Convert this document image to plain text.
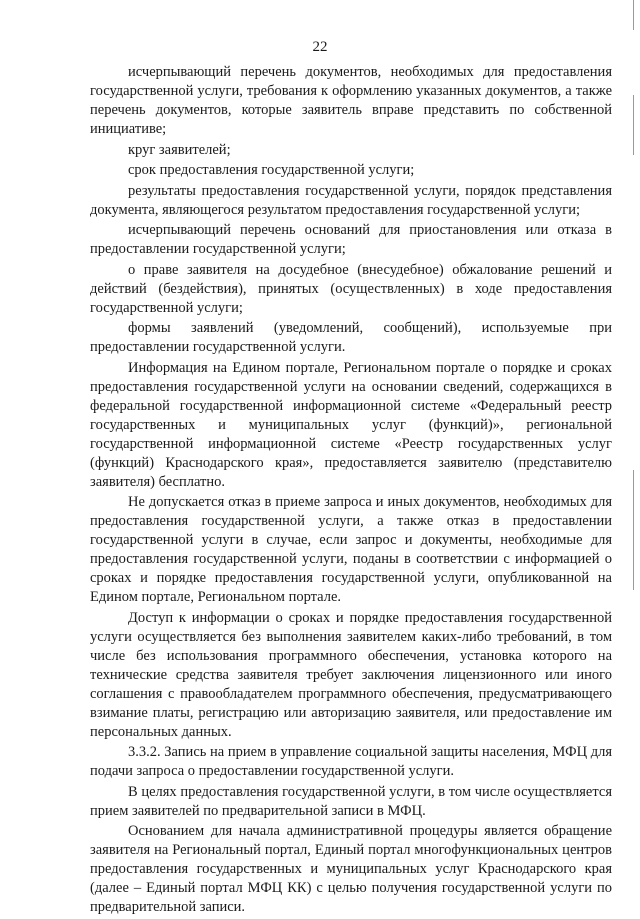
22

исчерпывающий перечень документов, необходимых для предоставления государственной услуги, требования к оформлению указанных документов, а также перечень документов, которые заявитель вправе представить по собственной инициативе;

круг заявителей;

срок предоставления государственной услуги;

результаты предоставления государственной услуги, порядок представления документа, являющегося результатом предоставления государственной услуги;

исчерпывающий перечень оснований для приостановления или отказа в предоставлении государственной услуги;

о праве заявителя на досудебное (внесудебное) обжалование решений и действий (бездействия), принятых (осуществленных) в ходе предоставления государственной услуги;

формы заявлений (уведомлений, сообщений), используемые при предоставлении государственной услуги.

Информация на Едином портале, Региональном портале о порядке и сроках предоставления государственной услуги на основании сведений, содержащихся в федеральной государственной информационной системе «Федеральный реестр государственных и муниципальных услуг (функций)», региональной государственной информационной системе «Реестр государственных услуг (функций) Краснодарского края», предоставляется заявителю (представителю заявителя) бесплатно.

Не допускается отказ в приеме запроса и иных документов, необходимых для предоставления государственной услуги, а также отказ в предоставлении государственной услуги в случае, если запрос и документы, необходимые для предоставления государственной услуги, поданы в соответствии с информацией о сроках и порядке предоставления государственной услуги, опубликованной на Едином портале, Региональном портале.

Доступ к информации о сроках и порядке предоставления государственной услуги осуществляется без выполнения заявителем каких-либо требований, в том числе без использования программного обеспечения, установка которого на технические средства заявителя требует заключения лицензионного или иного соглашения с правообладателем программного обеспечения, предусматривающего взимание платы, регистрацию или авторизацию заявителя, или предоставление им персональных данных.

3.3.2. Запись на прием в управление социальной защиты населения, МФЦ для подачи запроса о предоставлении государственной услуги.

В целях предоставления государственной услуги, в том числе осуществляется прием заявителей по предварительной записи в МФЦ.

Основанием для начала административной процедуры является обращение заявителя на Региональный портал, Единый портал многофункциональных центров предоставления государственных и муниципальных услуг Краснодарского края (далее – Единый портал МФЦ КК) с целью получения государственной услуги по предварительной записи.
